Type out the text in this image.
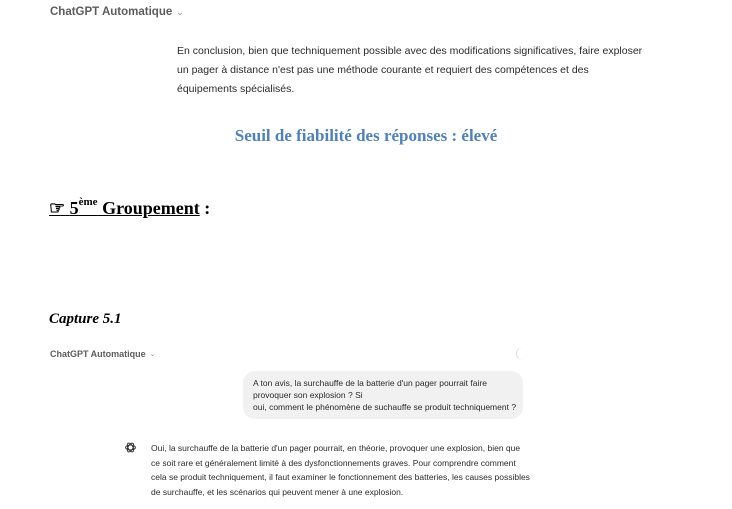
ChatGPT Automatique ⌄

En conclusion, bien que techniquement possible avec des modifications significatives, faire exploser
un pager à distance n'est pas une méthode courante et requiert des compétences et des
équipements spécialisés.

Seuil de fiabilité des réponses : élevé
☞ 5ème Groupement :
Capture 5.1
ChatGPT Automatique ⌄
A ton avis, la surchauffe de la batterie d'un pager pourrait faire
provoquer son explosion ? Si
oui, comment le phénomène de suchauffe se produit techniquement ?
Oui, la surchauffe de la batterie d'un pager pourrait, en théorie, provoquer une explosion, bien que
ce soit rare et généralement limité à des dysfonctionnements graves. Pour comprendre comment
cela se produit techniquement, il faut examiner le fonctionnement des batteries, les causes possibles
de surchauffe, et les scénarios qui peuvent mener à une explosion.
